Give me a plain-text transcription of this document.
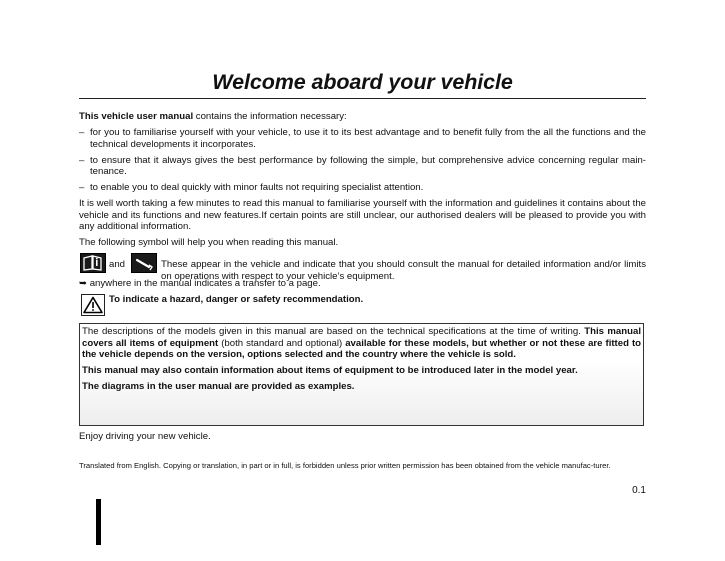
Welcome aboard your vehicle

This vehicle user manual contains the information necessary:

– for you to familiarise yourself with your vehicle, to use it to its best advantage and to benefit fully from the all the functions and the technical developments it incorporates.
– to ensure that it always gives the best performance by following the simple, but comprehensive advice concerning regular main-tenance.
– to enable you to deal quickly with minor faults not requiring specialist attention.

It is well worth taking a few minutes to read this manual to familiarise yourself with the information and guidelines it contains about the vehicle and its functions and new features.If certain points are still unclear, our authorised dealers will be pleased to provide you with any additional information.

The following symbol will help you when reading this manual.

and	These appear in the vehicle and indicate that you should consult the manual for detailed information and/or limits on operations with respect to your vehicle’s equipment.
➥ anywhere in the manual indicates a transfer to a page.
To indicate a hazard, danger or safety recommendation.

The descriptions of the models given in this manual are based on the technical specifications at the time of writing. This manual covers all items of equipment (both standard and optional) available for these models, but whether or not these are fitted to the vehicle depends on the version, options selected and the country where the vehicle is sold.

This manual may also contain information about items of equipment to be introduced later in the model year.

The diagrams in the user manual are provided as examples.

Enjoy driving your new vehicle.
Translated from English. Copying or translation, in part or in full, is forbidden unless prior written permission has been obtained from the vehicle manufac-turer.
0.1
